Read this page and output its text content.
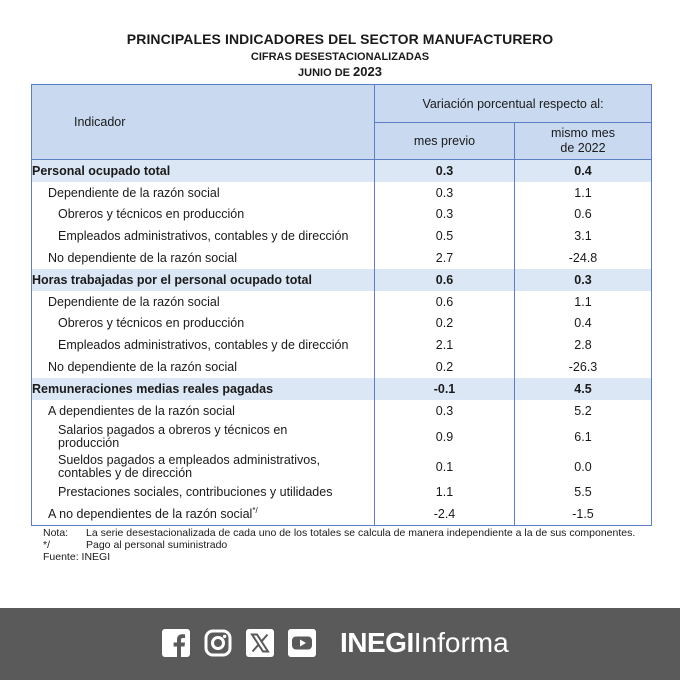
PRINCIPALES INDICADORES DEL SECTOR MANUFACTURERO
CIFRAS DESESTACIONALIZADAS
JUNIO DE 2023
Indicador	Variación porcentual respecto al:	
	mes previo	mismo mes
de 2022
Personal ocupado total	0.3	0.4
Dependiente de la razón social	0.3	1.1
Obreros y técnicos en producción	0.3	0.6
Empleados administrativos, contables y de dirección	0.5	3.1
No dependiente de la razón social	2.7	-24.8
Horas trabajadas por el personal ocupado total	0.6	0.3
Dependiente de la razón social	0.6	1.1
Obreros y técnicos en producción	0.2	0.4
Empleados administrativos, contables y de dirección	2.1	2.8
No dependiente de la razón social	0.2	-26.3
Remuneraciones medias reales pagadas	-0.1	4.5
A dependientes de la razón social	0.3	5.2
Salarios pagados a obreros y técnicos en producción	0.9	6.1
Sueldos pagados a empleados administrativos, contables y de dirección	0.1	0.0
Prestaciones sociales, contribuciones y utilidades	1.1	5.5
A no dependientes de la razón social*/	-2.4	-1.5
Nota:	La serie desestacionalizada de cada uno de los totales se calcula de manera independiente a la de sus componentes.
*/	Pago al personal suministrado
Fuente: INEGI
INEGIInforma
